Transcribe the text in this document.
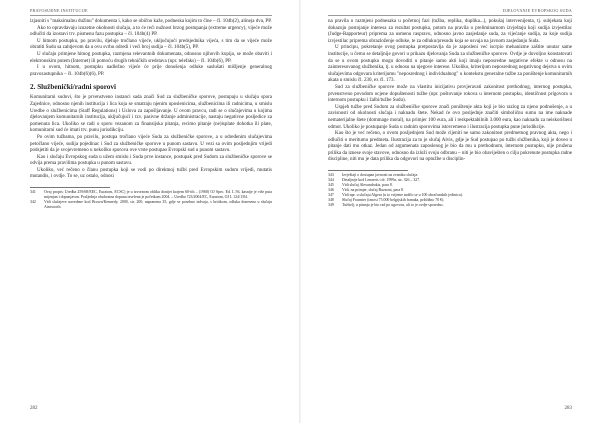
PRAVOSUĐNE INSTITUCIJE

izjasniti s "maksimalnu dužinu" dokumenta i, kako se obično kaže, podneska kojim to čine – čl. 104b(2), alineja dva, PP.

Ako to opravdavaju izuzetne okolnosti slučaja, a to će reći nužnost brzog postupanja (extreme urgency), vijeće može odlučiti da izostavi trv. pismenu fazu postupka – čl. 104b(4) PP.

U hitnom postupku, po pravilu, djeluje tročlano vijeće, uključujući predsjednika vijeća, s tim da se vijeće može obratiti Sudu sa zahtjevom da u ovu svrhu odredi i veći broj sudija – čl. 104b(5), PP.

U slučaju primjene hitnog postupka, razmjena relevantnih dokumenata, odnosno njihovih kopija, se može obaviti i elektronskim putem (Internet) ili pomoću drugih tehničkih sredstava (npr. telefaks) – čl. 104b(6), PP.

I u ovom, hitnom, postupku nadležno vijeće će prije donošenja odluke saslušati mišljenje generalnog pravozastupnika – čl. 104b(6)(6), PP.

2. Službenički/radni sporovi

Komunitarni sudovi, što je prvenstveno instanci sada znači Sud za službeničke sporove, postupaju u slučaju spora Zajednice, odnosno njenih institucija i lica koja se smatraju njenim uposlenicima, službenicima ili radnicima, u smislu Uredbe o službenicima (Staff Regulations) i Uslova za zapošljavanje. U ovom pravcu, radi se o slučajevima u kojima djelovanjem komunitarnih institucija, uključujući i tzv. pasivne držanje administracije, nastaju negativne posljedice za pomenuta lica. Ukoliko se radi o sporu vezanom za finansijska pitanja, recimo pitanje (ne)isplate dohotka ili plate, komunitarni sud će imati trv. punu jurisdikciju.

Po ovim tužbama, po pravilu, postupa tročlano vijeće Suda za službeničke sporove, a u određenim slučajevima petočlano vijeće, sudija pojedinac i Sud za službeničke sporove u punom sastavu. U vezi sa ovim posljednjim vrijedi podsjetiti da je svojevremeno u nekoliko sporova ove vrste postupao Evropski sud u punom sastavu.

Kao i slučaju Evropskog suda u užem smislu i Suda prve instance, postupak pred Sudom za službeničke sporove se odvija prema pravilima postupka u punom sastavu.

Ukoliko, već rečeno o članu postupka koji se vodi po direktnoj tužbi pred Evropskim sudom vrijedi, mutatis mutandis, i ovdje. To se, uz ostalo, odnosi

341 Ovaj propis: Uredba 259/68/EEC, Euratom, ECSC) je u izvornom obliku donijet krajem 60-tih – (1968) OJ Spec. Ed. L 56, kasnije je više puta mijenjan i dopunjavan. Posljednja obuhvatna dopuna izvršena je početkom 2004. – Uredba 723/2004/EC, Euratom, OJ L 124/1/04.
342 Vidi slučajeve navedene kod Brown/Kennedy, 2000, str. 200, napomena 35, gdje se posebno izdvaja, s kritikom, odluka donesena u slučaju Ainsworth.
282
DJELOVANJE EVROPSKOG SUDA

na pravila o razmjeni podnesaka u početnoj fazi (tužba, replika, duplika...), pokušaj intervenijenta, tj. subjekata koji dokazuju postojanje interesa za rezultat postupka, potom na pravila o preliminarnom izvještaju koji sudija izvjestilac (Judge-Rapporteur) priprema za usmenu raspravu, odnosno javno zasjedanje suda, za vijećanje sudija, za koje sudija izvjestilac priprema obrazloženje odluke, te za odluku/presudu koja se usvaja na javnom zasjedanju Suda.

U principu, pokretanje ovog postupka pretpostavlja da je zaposleni već iscrpio mehanizme zaštite unutar same institucije, u čemu se detaljnije govori u prikazu djelovanja Suda za službeničke sporove. Ovdje je dovoljno konstatovati da se u ovom postupku mogu dovoditi u pitanje samo akti koji imaju neposredne negativne efekte u odnosu na zainteresovanog službenika, tj. u odnosu na njegove interese. Ukoliko, kriterijum neposrednog negativnog dejstva u ovim slučajevima odgovara kriterijumu "neposrednog i individualnog" u kontekstu generalne tužbe za poništenje komunitarnih akata u smislu čl. 230, ex čl. 173.

Sud za službeničke sporove može na vlastitu inicijativu provjeravati zakonitost prethodnog, internog postupka, prvenstveno povodom ocjene dopuštenosti tužbe (npr. poštovanje rokova u internom postupku, identičnost prigovora u internom postupku i žalbi/tužbe Sudu).

Uspjeh tužbe pred Sudom za službeničke sporove znači poništenje akta koji je bio razlog za njeno podnošenje, a u zavisnosti od okolnosti slučaja i naknadu štete. Nekad će ovo posljednje značiti simboličnu sumu na ime naknade nematerijalne štete (dommage moral), na primjer 100 eura, ali i reskpektabilnih 3.000 eura, kao naknadu za neiskorišteni odmor. Ukoliko je postupanje Suda u radnim sporovima istovremeno i ilustracija postupka pune jurisdikcije.

Kao što je već rečeno, o ovom posljednjem Sud može ciјeniti ne samo zakonitost predmetnog pravnog akta, nego i odlučiti o meritumu predmeta. Ilustracija za to je slučaj Alvis, gdje je Sud postupao po tužbi službenika, koji je doveo u pitanje dati mu otkaz. Jedan od argumenata zaposlenog je bio da mu u prethodnom, internom postupku, nije pružena prilika da iznese svoje stavove, odnosno da izloži svoju odbranu – niti je bio obaviješten o cilju pokrenute postupka radne discipline, niti mu je data prilika da odgovori na optužbe u disciplin-

343 Izvještaji o dostupan javnosti na zvaniku slučaja.
344 Detaljnije kod Lenaerts i dr. 1999a, str. 326 – 327.
345 Vidi slučaj Alexandrakis, para 8.
346 Vidi, na primjer, slučaj Buzzoni, para 8.
347 Vidi npr. u slučaju Algera (u to vrijeme sudilo se u 100 obračunskih jedinica).
348 Slučaj Fournier (iznosi 75.000 belgijskih franaka, približno 70 €).
349 Tužitelj, u pitanju je bio rad po ugovoru, ali to je ovdje sporedno.
283
